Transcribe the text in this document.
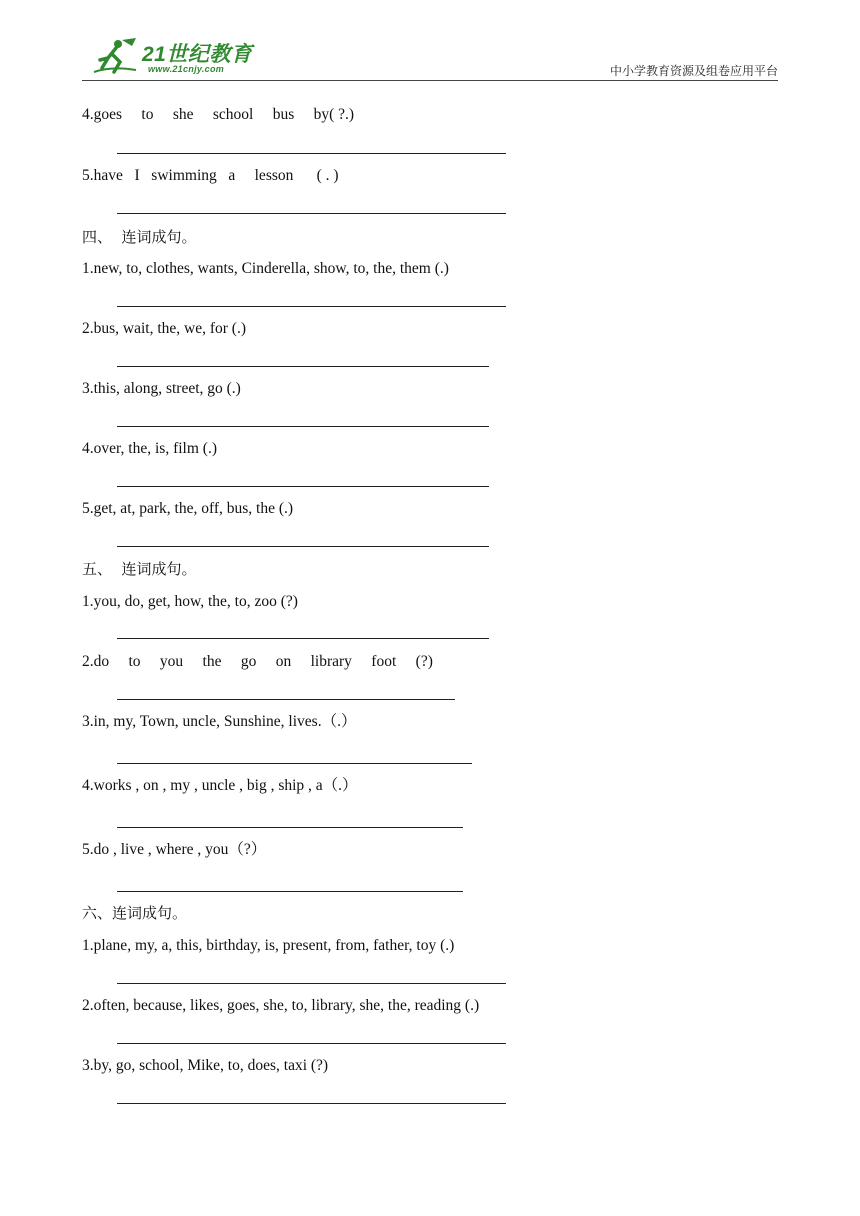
21世纪教育
www.21cnjy.com	中小学教育资源及组卷应用平台
4.goes     to     she     school     bus     by( ?.)
5.have   I   swimming   a     lesson      ( . )
四、  连词成句。
1.new, to, clothes, wants, Cinderella, show, to, the, them (.)
2.bus, wait, the, we, for (.)
3.this, along, street, go (.)
4.over, the, is, film (.)
5.get, at, park, the, off, bus, the (.)
五、  连词成句。
1.you, do, get, how, the, to, zoo (?)
2.do     to     you     the     go     on     library     foot     (?)
3.in, my, Town, uncle, Sunshine, lives.（.）
4.works , on , my , uncle , big , ship , a（.）
5.do , live , where , you（?）
六、连词成句。
1.plane, my, a, this, birthday, is, present, from, father, toy (.)
2.often, because, likes, goes, she, to, library, she, the, reading (.)
3.by, go, school, Mike, to, does, taxi (?)
